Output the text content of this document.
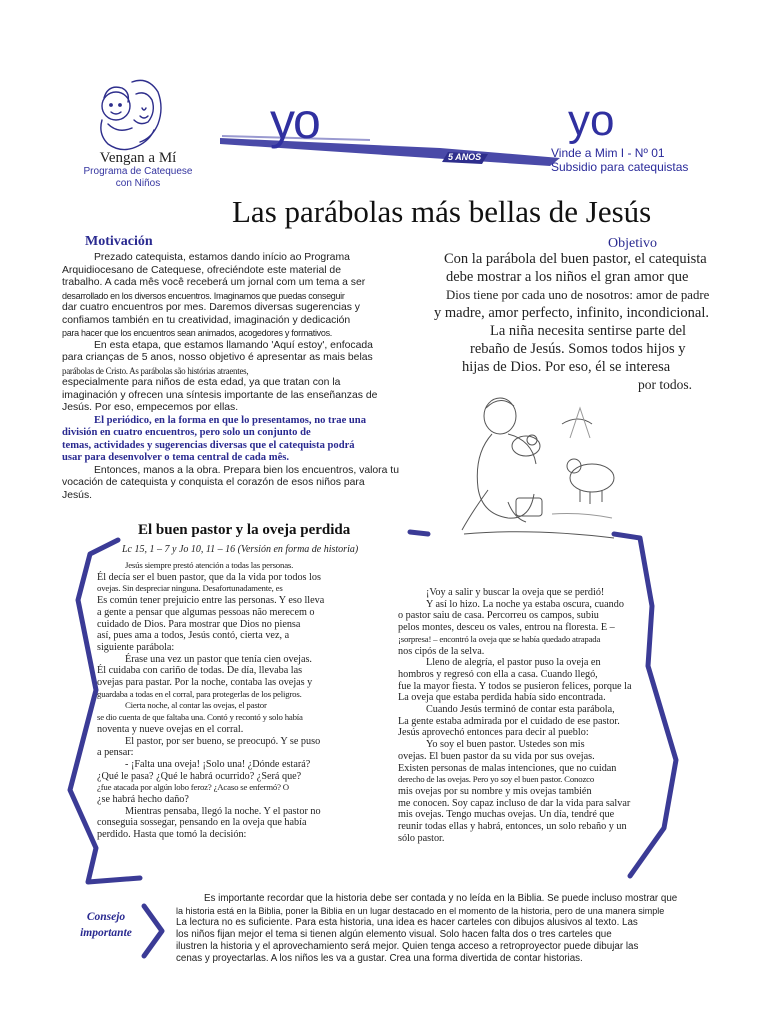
Vengan a Mí
Programa de Catequese
con Niños
yo
5 ANOS
yo
Vinde a Mim I - Nº 01
Subsidio para catequistas
Las parábolas más bellas de Jesús
Motivación

Prezado catequista, estamos dando início ao Programa

Arquidiocesano de Catequese, ofreciéndote este material de

trabalho. A cada mês você receberá um jornal com um tema a ser

desarrollado en los diversos encuentros. Imaginamos que puedas conseguir

dar cuatro encuentros por mes. Daremos diversas sugerencias y

confiamos también en tu creatividad, imaginación y dedicación

para hacer que los encuentros sean animados, acogedores y formativos.

En esta etapa, que estamos llamando 'Aquí estoy', enfocada

para crianças de 5 anos, nosso objetivo é apresentar as mais belas

parábolas de Cristo. As parábolas são histórias atraentes,

especialmente para niños de esta edad, ya que tratan con la

imaginación y ofrecen una síntesis importante de las enseñanzas de

Jesús. Por eso, empecemos por ellas.

El periódico, en la forma en que lo presentamos, no trae una

división en cuatro encuentros, pero solo un conjunto de

temas, actividades y sugerencias diversas que el catequista podrá

usar para desenvolver o tema central de cada mês.

Entonces, manos a la obra. Prepara bien los encuentros, valora tu

vocación de catequista y conquista el corazón de esos niños para

Jesús.

Objetivo
Con la parábola del buen pastor, el catequista
debe mostrar a los niños el gran amor que
Dios tiene por cada uno de nosotros: amor de padre
y madre, amor perfecto, infinito, incondicional.
La niña necesita sentirse parte del
rebaño de Jesús. Somos todos hijos y
hijas de Dios. Por eso, él se interesa
por todos.
El buen pastor y la oveja perdida
Lc 15, 1 – 7 y Jo 10, 11 – 16 (Versión en forma de historia)

Jesús siempre prestó atención a todas las personas.

Él decía ser el buen pastor, que da la vida por todos los

ovejas. Sin despreciar ninguna. Desafortunadamente, es

Es común tener prejuicio entre las personas. Y eso lleva

a gente a pensar que algumas pessoas não merecem o

cuidado de Dios. Para mostrar que Dios no piensa

así, pues ama a todos, Jesús contó, cierta vez, a

siguiente parábola:

Érase una vez un pastor que tenía cien ovejas.

Él cuidaba con cariño de todas. De día, llevaba las

ovejas para pastar. Por la noche, contaba las ovejas y

guardaba a todas en el corral, para protegerlas de los peligros.

Cierta noche, al contar las ovejas, el pastor

se dio cuenta de que faltaba una. Contó y recontó y solo había

noventa y nueve ovejas en el corral.

El pastor, por ser bueno, se preocupó. Y se puso

a pensar:

- ¡Falta una oveja! ¡Solo una! ¿Dónde estará?

¿Qué le pasa? ¿Qué le habrá ocurrido? ¿Será que?

¿fue atacada por algún lobo feroz? ¿Acaso se enfermó? O

¿se habrá hecho daño?

Mientras pensaba, llegó la noche. Y el pastor no

conseguia sossegar, pensando en la oveja que había

perdido. Hasta que tomó la decisión:

¡Voy a salir y buscar la oveja que se perdió!

Y así lo hizo. La noche ya estaba oscura, cuando

o pastor saiu de casa. Percorreu os campos, subiu

pelos montes, desceu os vales, entrou na floresta. E –

¡sorpresa! – encontró la oveja que se había quedado atrapada

nos cipós de la selva.

Lleno de alegría, el pastor puso la oveja en

hombros y regresó con ella a casa. Cuando llegó,

fue la mayor fiesta. Y todos se pusieron felices, porque la

La oveja que estaba perdida había sido encontrada.

Cuando Jesús terminó de contar esta parábola,

La gente estaba admirada por el cuidado de ese pastor.

Jesús aprovechó entonces para decir al pueblo:

Yo soy el buen pastor. Ustedes son mis

ovejas. El buen pastor da su vida por sus ovejas.

Existen personas de malas intenciones, que no cuidan

derecho de las ovejas. Pero yo soy el buen pastor. Conozco

mis ovejas por su nombre y mis ovejas también

me conocen. Soy capaz incluso de dar la vida para salvar

mis ovejas. Tengo muchas ovejas. Un día, tendré que

reunir todas ellas y habrá, entonces, un solo rebaño y un

sólo pastor.

Consejo
importante

Es importante recordar que la historia debe ser contada y no leída en la Biblia. Se puede incluso mostrar que

la historia está en la Biblia, poner la Biblia en un lugar destacado en el momento de la historia, pero de una manera simple

La lectura no es suficiente. Para esta historia, una idea es hacer carteles con dibujos alusivos al texto. Las

los niños fijan mejor el tema si tienen algún elemento visual. Solo hacen falta dos o tres carteles que

ilustren la historia y el aprovechamiento será mejor. Quien tenga acceso a retroproyector puede dibujar las

cenas y proyectarlas. A los niños les va a gustar. Crea una forma divertida de contar historias.
